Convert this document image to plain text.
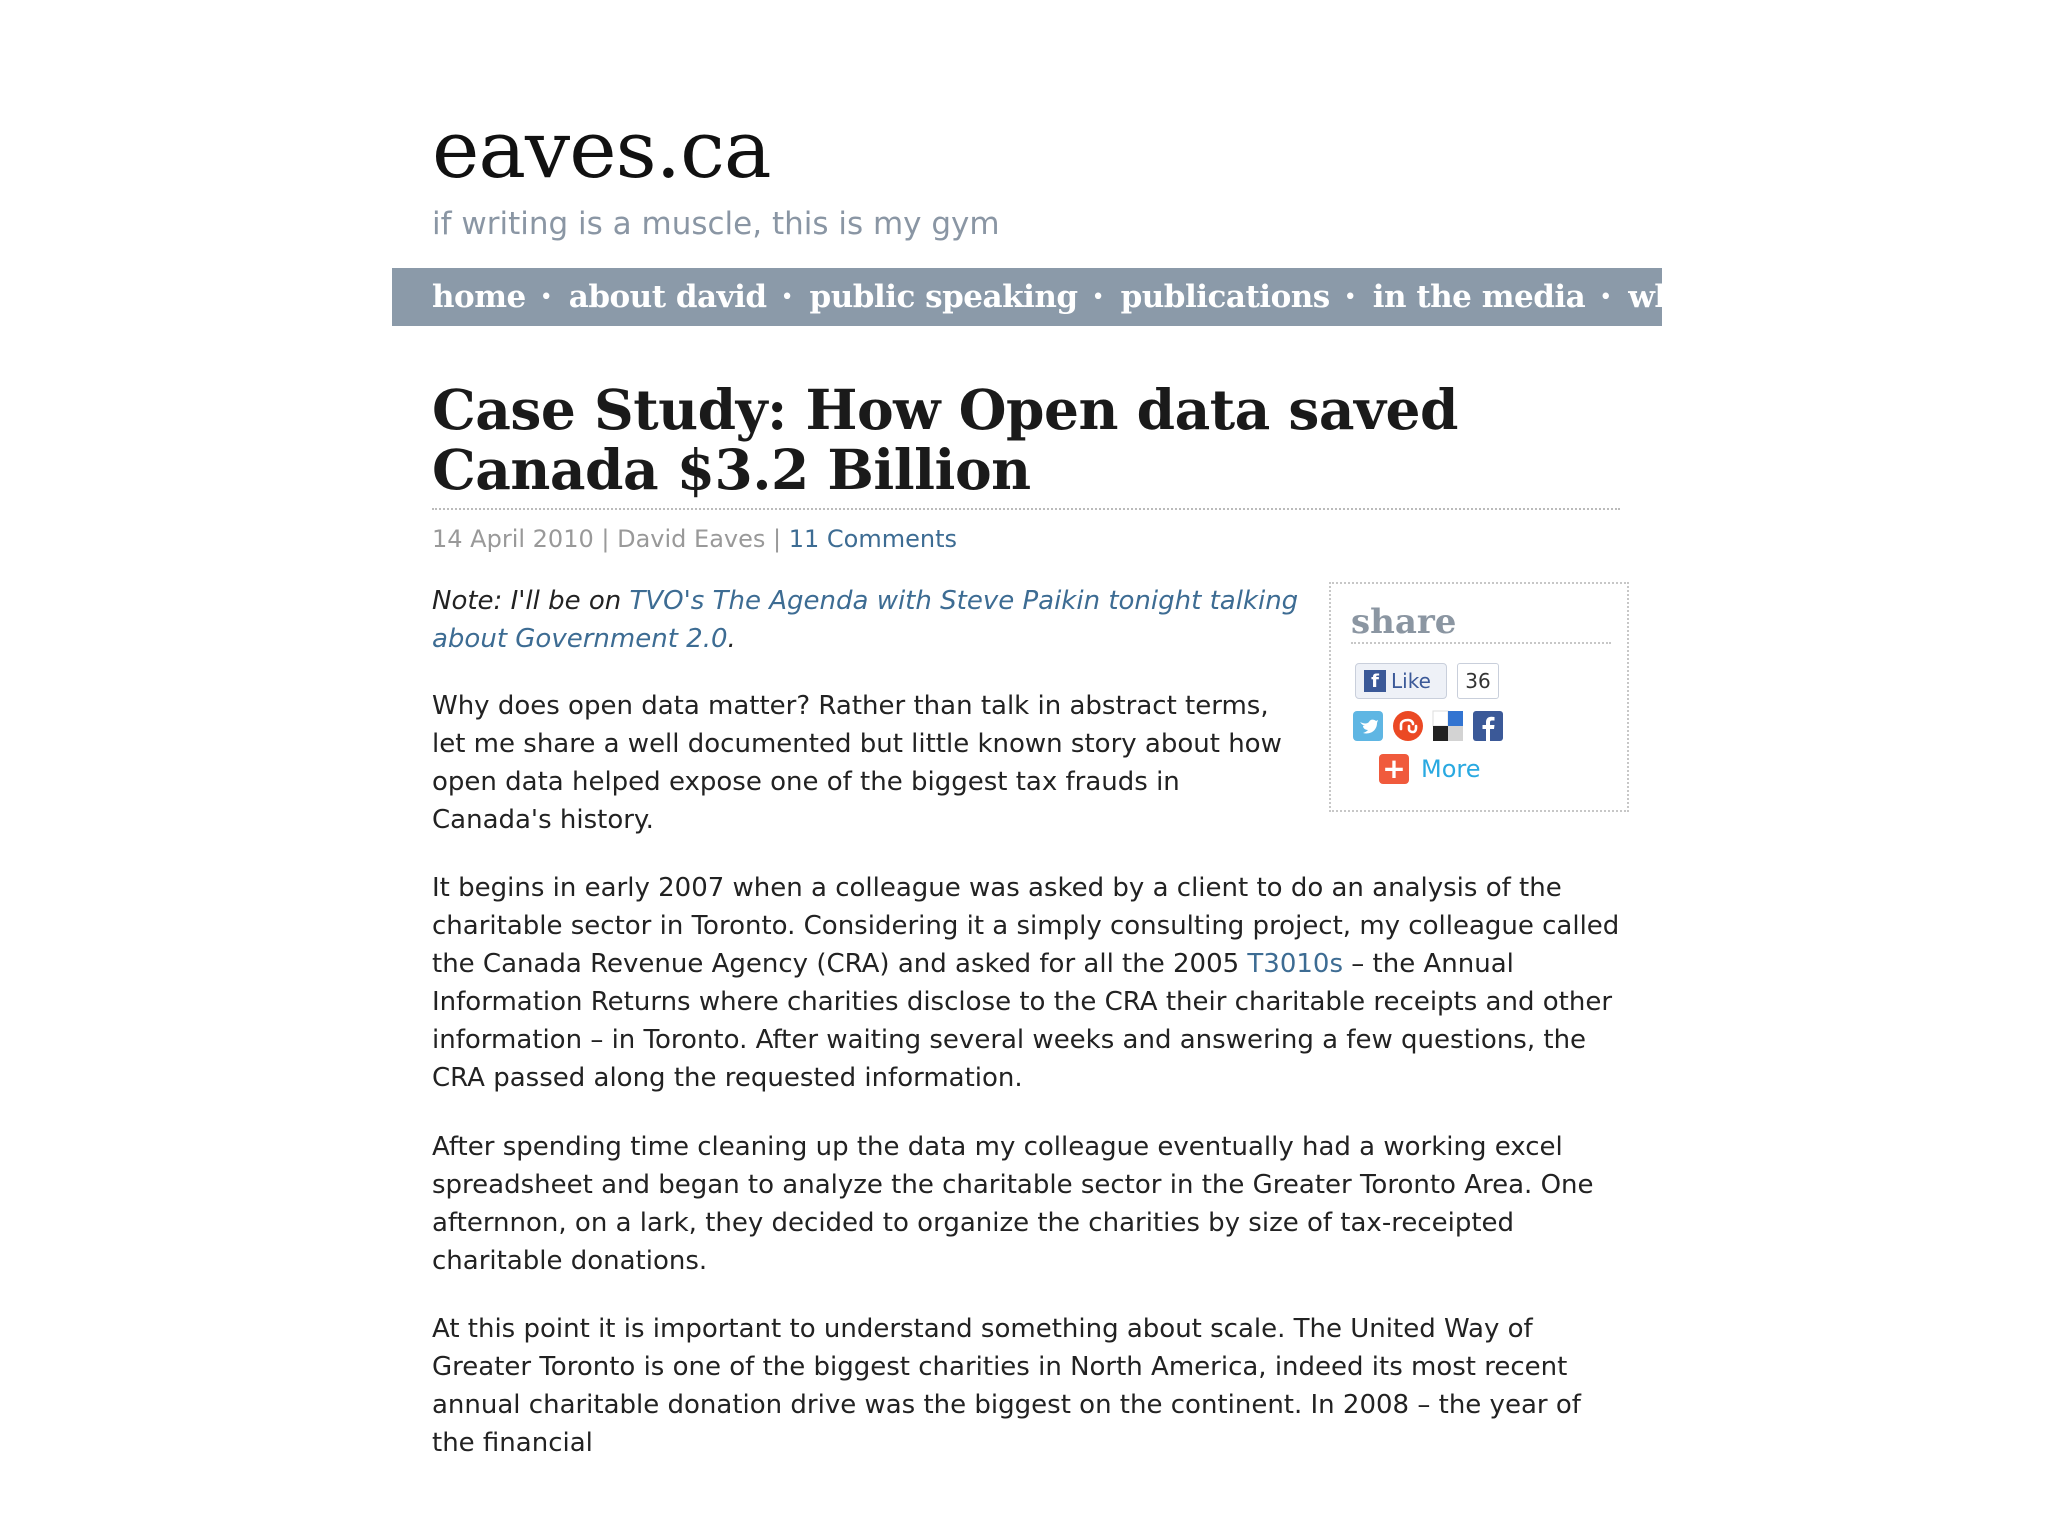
eaves.ca
if writing is a muscle, this is my gym
home • about david • public speaking • publications • in the media • what i'm reading
Case Study: How Open data saved Canada $3.2 Billion
14 April 2010 | David Eaves | 11 Comments
Note: I'll be on TVO's The Agenda with Steve Paikin tonight talking about Government 2.0.

Why does open data matter? Rather than talk in abstract terms, let me share a well documented but little known story about how open data helped expose one of the biggest tax frauds in Canada's history.

It begins in early 2007 when a colleague was asked by a client to do an analysis of the charitable sector in Toronto. Considering it a simply consulting project, my colleague called the Canada Revenue Agency (CRA) and asked for all the 2005 T3010s – the Annual Information Returns where charities disclose to the CRA their charitable receipts and other information – in Toronto. After waiting several weeks and answering a few questions, the CRA passed along the requested information.

After spending time cleaning up the data my colleague eventually had a working excel spreadsheet and began to analyze the charitable sector in the Greater Toronto Area. One afternnon, on a lark, they decided to organize the charities by size of tax-receipted charitable donations.

At this point it is important to understand something about scale. The United Way of Greater Toronto is one of the biggest charities in North America, indeed its most recent annual charitable donation drive was the biggest on the continent. In 2008 – the year of the financial

share
f Like	36
+ More
